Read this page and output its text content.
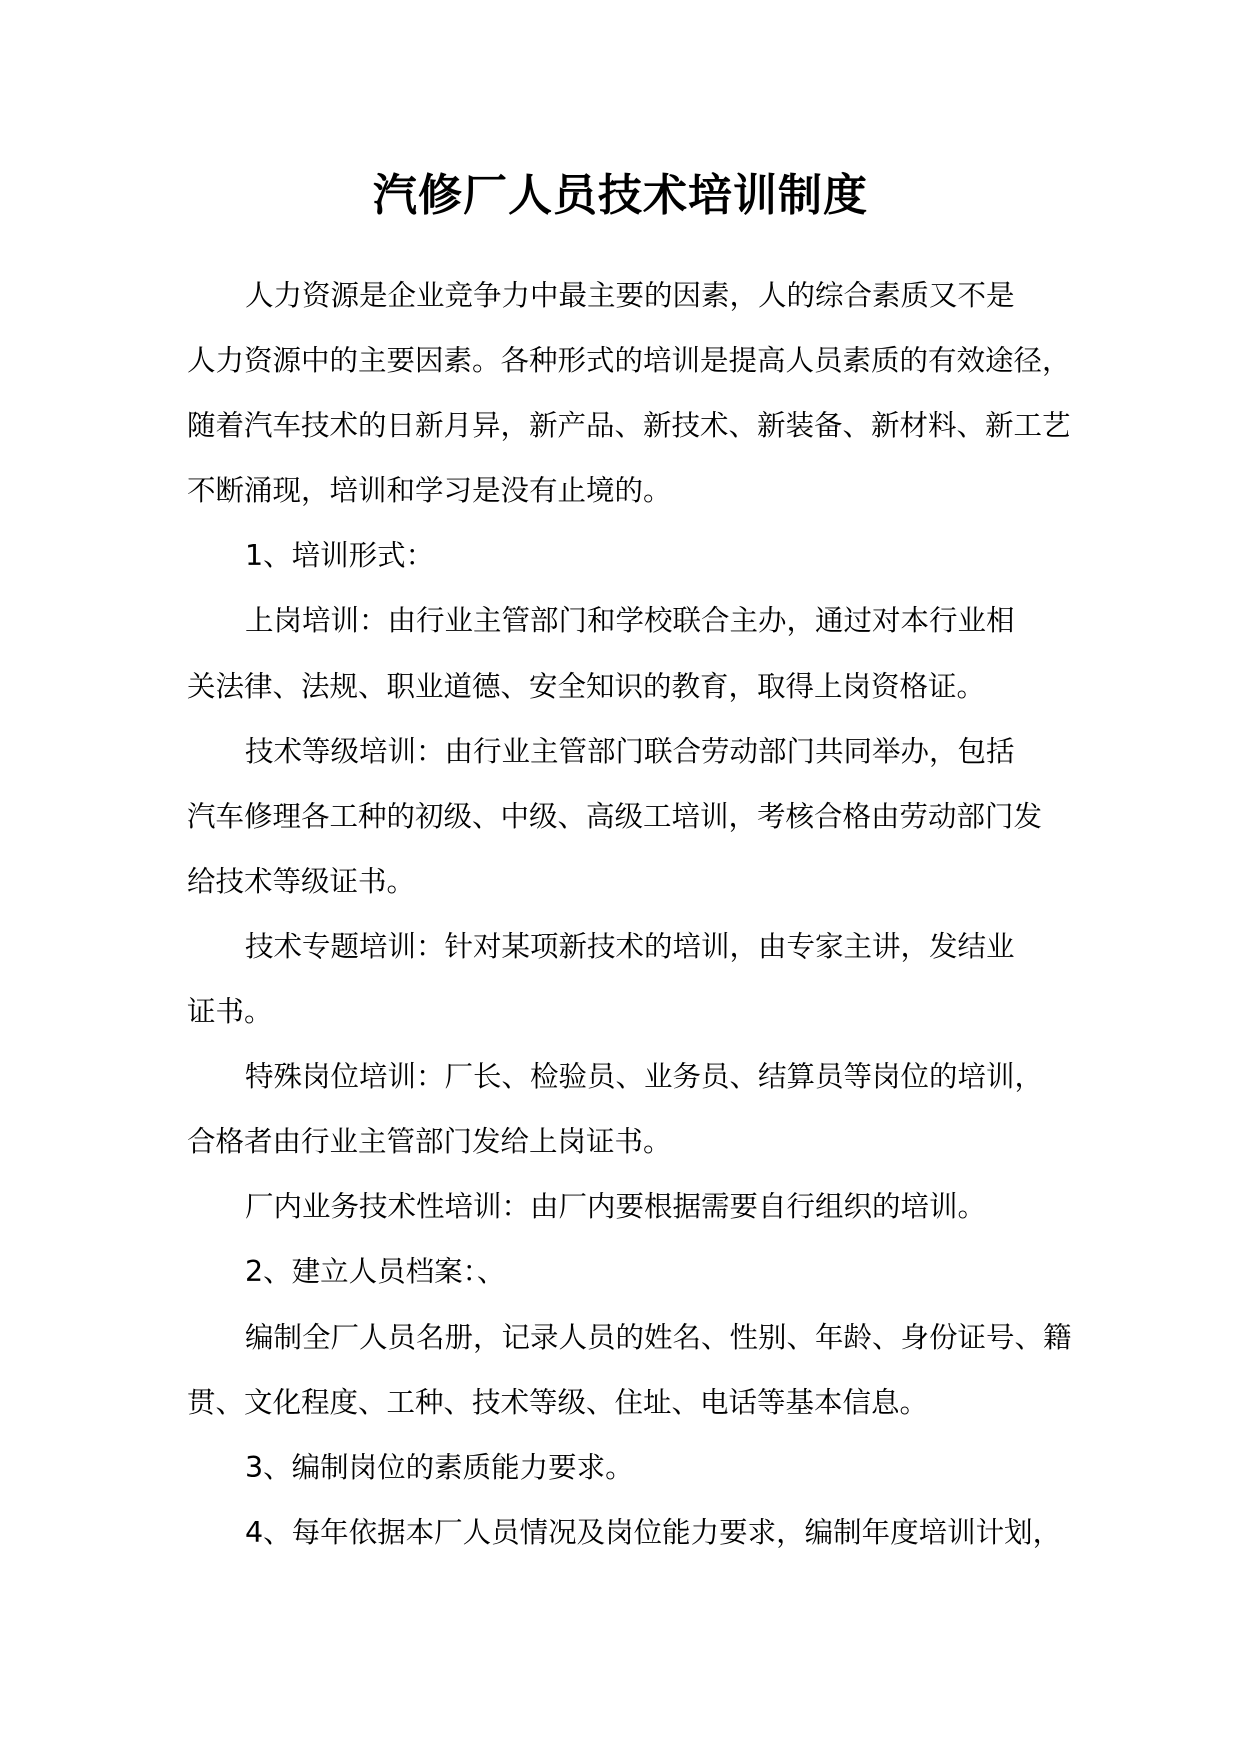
汽修厂人员技术培训制度
人力资源是企业竞争力中最主要的因素，人的综合素质又不是
人力资源中的主要因素。各种形式的培训是提高人员素质的有效途径，
随着汽车技术的日新月异，新产品、新技术、新装备、新材料、新工艺
不断涌现，培训和学习是没有止境的。
1、培训形式：
上岗培训：由行业主管部门和学校联合主办，通过对本行业相
关法律、法规、职业道德、安全知识的教育，取得上岗资格证。
技术等级培训：由行业主管部门联合劳动部门共同举办，包括
汽车修理各工种的初级、中级、高级工培训，考核合格由劳动部门发
给技术等级证书。
技术专题培训：针对某项新技术的培训，由专家主讲，发结业
证书。
特殊岗位培训：厂长、检验员、业务员、结算员等岗位的培训，
合格者由行业主管部门发给上岗证书。
厂内业务技术性培训：由厂内要根据需要自行组织的培训。
2、建立人员档案：、
编制全厂人员名册，记录人员的姓名、性别、年龄、身份证号、籍
贯、文化程度、工种、技术等级、住址、电话等基本信息。
3、编制岗位的素质能力要求。
4、每年依据本厂人员情况及岗位能力要求，编制年度培训计划，
